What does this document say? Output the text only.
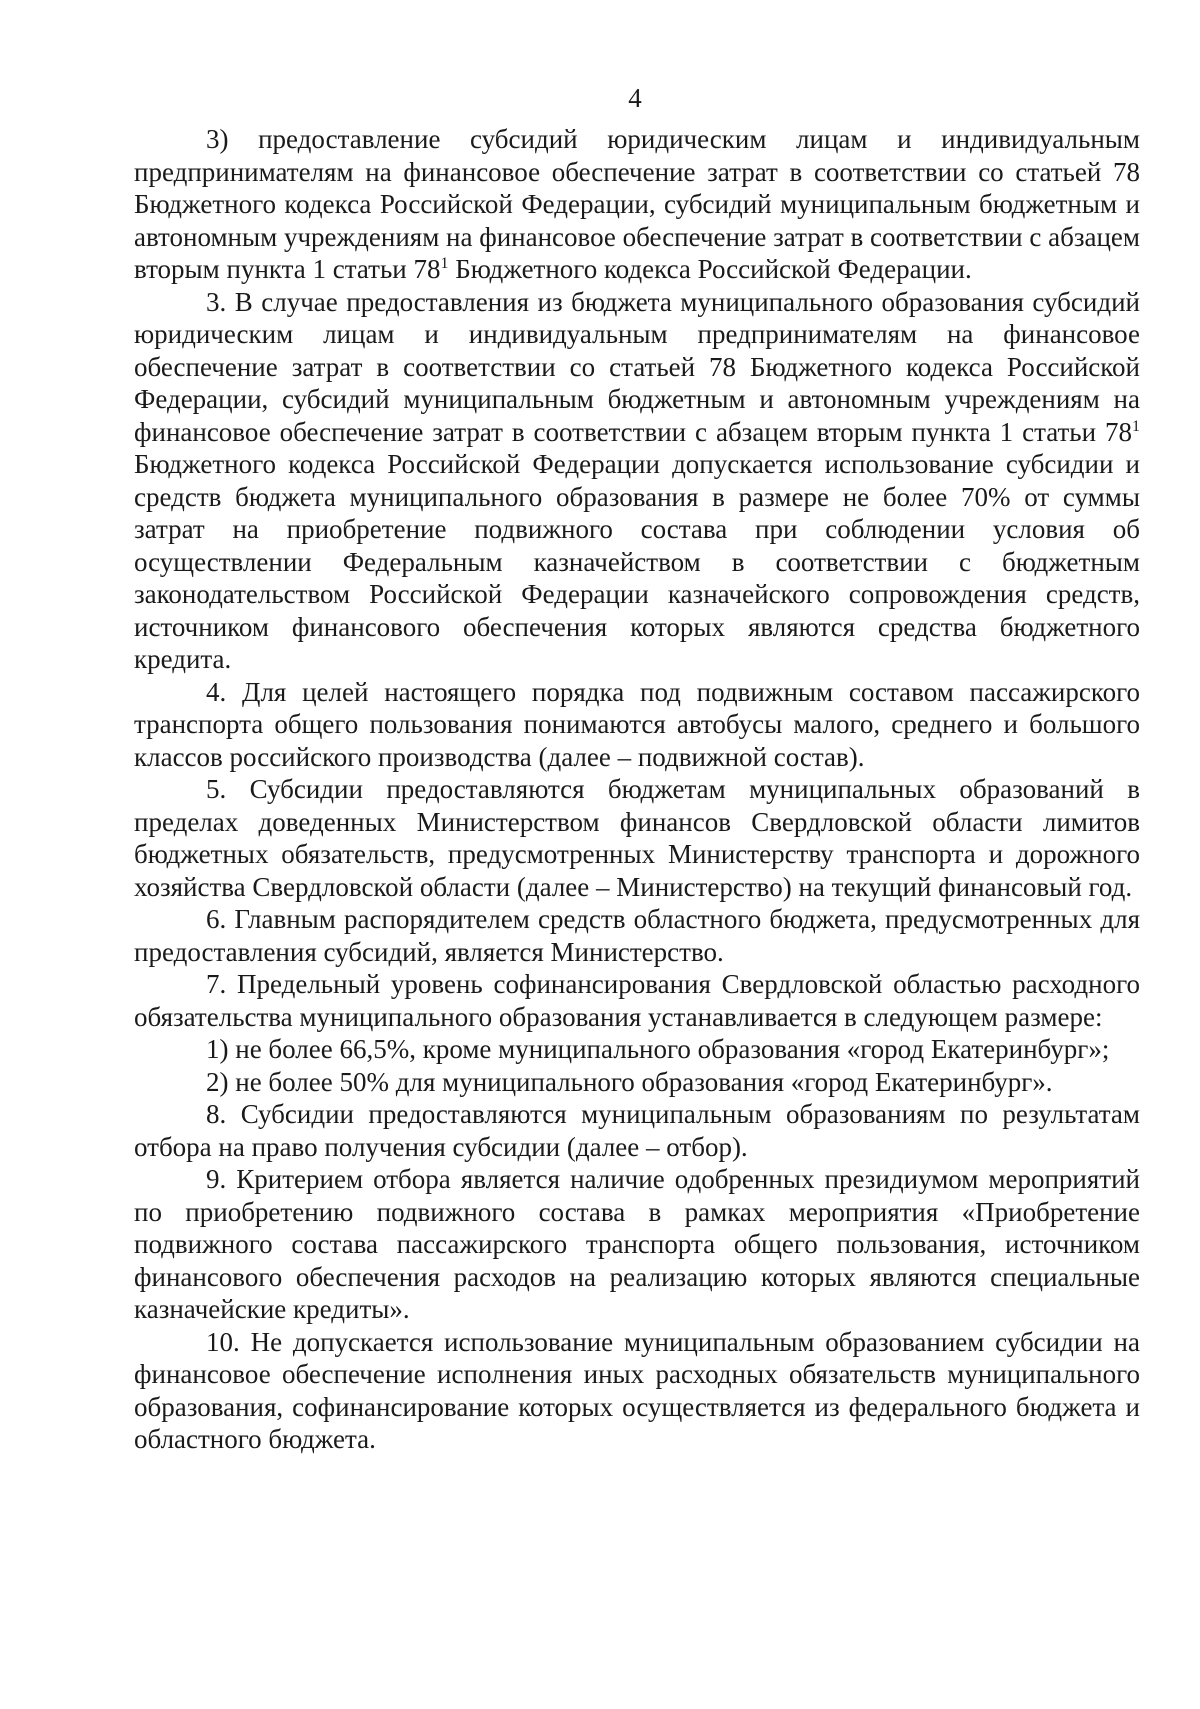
4

3) предоставление субсидий юридическим лицам и индивидуальным предпринимателям на финансовое обеспечение затрат в соответствии со статьей 78 Бюджетного кодекса Российской Федерации, субсидий муниципальным бюджетным и автономным учреждениям на финансовое обеспечение затрат в соответствии с абзацем вторым пункта 1 статьи $78^1$ Бюджетного кодекса Российской Федерации.

3. В случае предоставления из бюджета муниципального образования субсидий юридическим лицам и индивидуальным предпринимателям на финансовое обеспечение затрат в соответствии со статьей 78 Бюджетного кодекса Российской Федерации, субсидий муниципальным бюджетным и автономным учреждениям на финансовое обеспечение затрат в соответствии с абзацем вторым пункта 1 статьи $78^1$ Бюджетного кодекса Российской Федерации допускается использование субсидии и средств бюджета муниципального образования в размере не более 70% от суммы затрат на приобретение подвижного состава при соблюдении условия об осуществлении Федеральным казначейством в соответствии с бюджетным законодательством Российской Федерации казначейского сопровождения средств, источником финансового обеспечения которых являются средства бюджетного кредита.

4. Для целей настоящего порядка под подвижным составом пассажирского транспорта общего пользования понимаются автобусы малого, среднего и большого классов российского производства (далее – подвижной состав).

5. Субсидии предоставляются бюджетам муниципальных образований в пределах доведенных Министерством финансов Свердловской области лимитов бюджетных обязательств, предусмотренных Министерству транспорта и дорожного хозяйства Свердловской области (далее – Министерство) на текущий финансовый год.

6. Главным распорядителем средств областного бюджета, предусмотренных для предоставления субсидий, является Министерство.

7. Предельный уровень софинансирования Свердловской областью расходного обязательства муниципального образования устанавливается в следующем размере:

1) не более 66,5%, кроме муниципального образования «город Екатеринбург»;

2) не более 50% для муниципального образования «город Екатеринбург».

8. Субсидии предоставляются муниципальным образованиям по результатам отбора на право получения субсидии (далее – отбор).

9. Критерием отбора является наличие одобренных президиумом мероприятий по приобретению подвижного состава в рамках мероприятия «Приобретение подвижного состава пассажирского транспорта общего пользования, источником финансового обеспечения расходов на реализацию которых являются специальные казначейские кредиты».

10. Не допускается использование муниципальным образованием субсидии на финансовое обеспечение исполнения иных расходных обязательств муниципального образования, софинансирование которых осуществляется из федерального бюджета и областного бюджета.
